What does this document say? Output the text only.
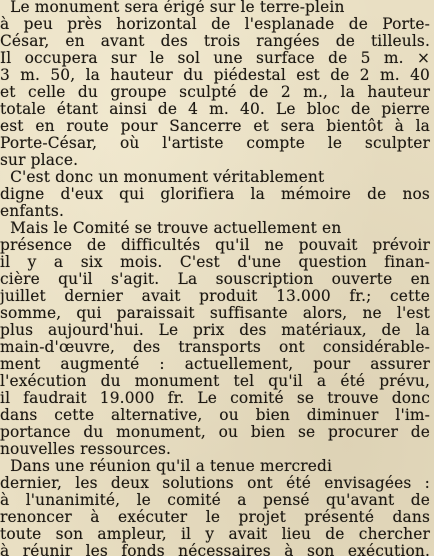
Le monument sera érigé sur le terre-plein
à peu près horizontal de l'esplanade de Porte-
César, en avant des trois rangées de tilleuls.
Il occupera sur le sol une surface de 5 m. ×
3 m. 50, la hauteur du piédestal est de 2 m. 40
et celle du groupe sculpté de 2 m., la hauteur
totale étant ainsi de 4 m. 40. Le bloc de pierre
est en route pour Sancerre et sera bientôt à la
Porte-César, où l'artiste compte le sculpter
sur place.
C'est donc un monument véritablement
digne d'eux qui glorifiera la mémoire de nos
enfants.
Mais le Comité se trouve actuellement en
présence de difficultés qu'il ne pouvait prévoir
il y a six mois. C'est d'une question finan-
cière qu'il s'agit. La souscription ouverte en
juillet dernier avait produit 13.000 fr.; cette
somme, qui paraissait suffisante alors, ne l'est
plus aujourd'hui. Le prix des matériaux, de la
main-d'œuvre, des transports ont considérable-
ment augmenté : actuellement, pour assurer
l'exécution du monument tel qu'il a été prévu,
il faudrait 19.000 fr. Le comité se trouve donc
dans cette alternative, ou bien diminuer l'im-
portance du monument, ou bien se procurer de
nouvelles ressources.
Dans une réunion qu'il a tenue mercredi
dernier, les deux solutions ont été envisagées :
à l'unanimité, le comité a pensé qu'avant de
renoncer à exécuter le projet présenté dans
toute son ampleur, il y avait lieu de chercher
à réunir les fonds nécessaires à son exécution.
